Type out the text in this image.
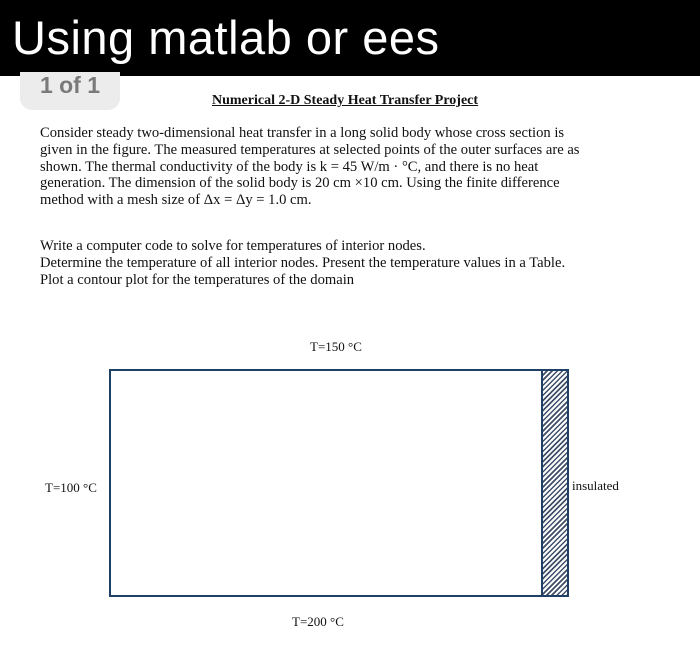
Using matlab or ees
1 of 1
Numerical 2-D Steady Heat Transfer Project
Consider steady two-dimensional heat transfer in a long solid body whose cross section is
given in the figure. The measured temperatures at selected points of the outer surfaces are as
shown. The thermal conductivity of the body is k = 45 W/m · °C, and there is no heat
generation. The dimension of the solid body is 20 cm ×10 cm. Using the finite difference
method with a mesh size of Δx = Δy = 1.0 cm.
Write a computer code to solve for temperatures of interior nodes.
Determine the temperature of all interior nodes. Present the temperature values in a Table.
Plot a contour plot for the temperatures of the domain
T=150 °C
T=100 °C	insulated
T=200 °C
